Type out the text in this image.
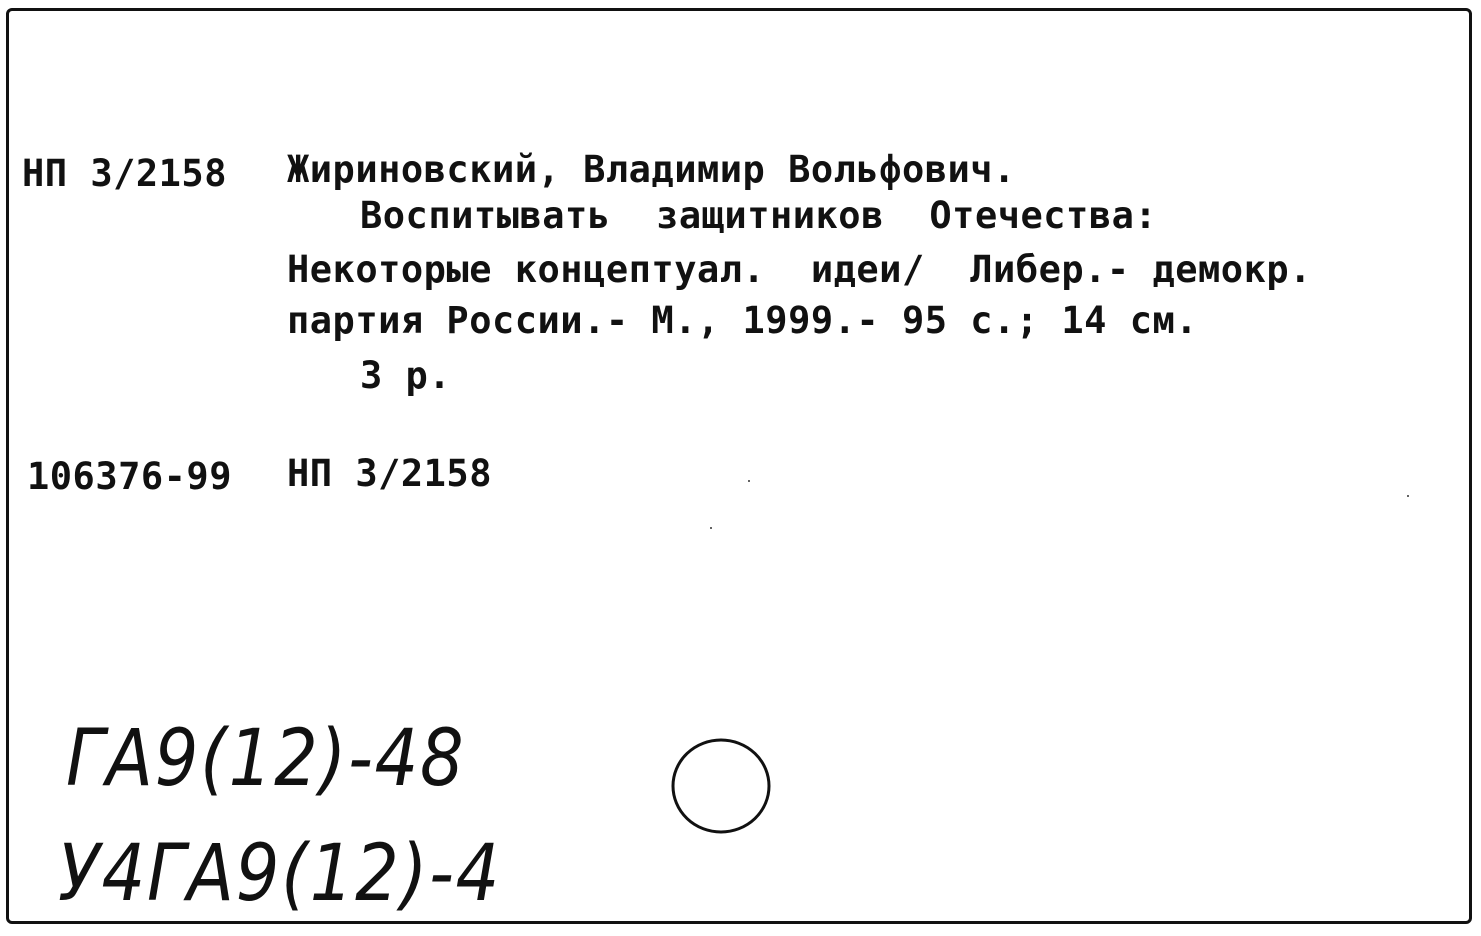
НП 3/2158 Жириновский, Владимир Вольфович.
Воспитывать  защитников  Отечества:
Некоторые концептуал.  идеи/  Либер.- демокр.
партия России.- М., 1999.- 95 с.; 14 см.
3 р.
106376-99 НП 3/2158
ГА9(12)-48
У4ГА9(12)-4
